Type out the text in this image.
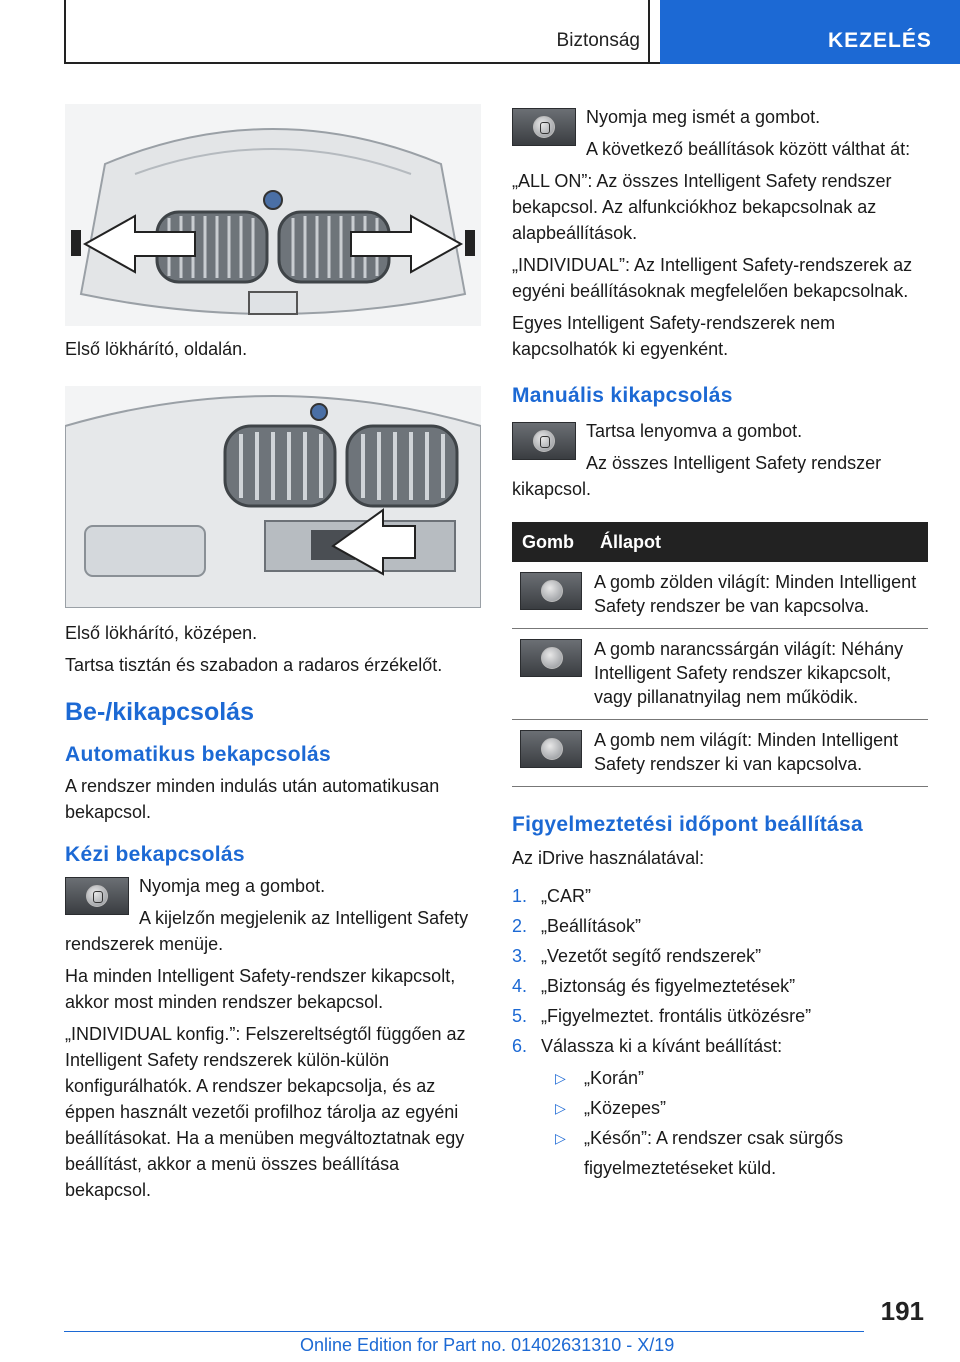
Biztonság	KEZELÉS

Első lökhárító, oldalán.

Első lökhárító, középen.

Tartsa tisztán és szabadon a radaros érzékelőt.

Be-/kikapcsolás
Automatikus bekapcsolás

A rendszer minden indulás után automatikusan bekapcsol.

Kézi bekapcsolás

Nyomja meg a gombot.

A kijelzőn megjelenik az Intelligent Safety rendszerek menüje.

Ha minden Intelligent Safety-rendszer kikapcsolt, akkor most minden rendszer bekapcsol.

„INDIVIDUAL konfig.”: Felszereltségtől függően az Intelligent Safety rendszerek külön-külön konfigurálhatók. A rendszer bekapcsolja, és az éppen használt vezetői profilhoz tárolja az egyéni beállításokat. Ha a menüben megváltoztatnak egy beállítást, akkor a menü összes beállítása bekapcsol.

Nyomja meg ismét a gombot.

A következő beállítások között válthat át:

„ALL ON”: Az összes Intelligent Safety rendszer bekapcsol. Az alfunkciókhoz bekapcsolnak az alapbeállítások.

„INDIVIDUAL”: Az Intelligent Safety-rendszerek az egyéni beállításoknak megfelelően bekapcsolnak.

Egyes Intelligent Safety-rendszerek nem kapcsolhatók ki egyenként.

Manuális kikapcsolás

Tartsa lenyomva a gombot.

Az összes Intelligent Safety rendszer kikapcsol.

Gomb	Állapot

	A gomb zölden világít: Minden Intelligent Safety rendszer be van kapcsolva.

	A gomb narancssárgán világít: Néhány Intelligent Safety rendszer kikapcsolt, vagy pillanatnyilag nem működik.

	A gomb nem világít: Minden Intelligent Safety rendszer ki van kapcsolva.
Figyelmeztetési időpont beállítása

Az iDrive használatával:

1. „CAR”
2. „Beállítások”
3. „Vezetőt segítő rendszerek”
4. „Biztonság és figyelmeztetések”
5. „Figyelmeztet. frontális ütközésre”
6. Válassza ki a kívánt beállítást:
▷ „Korán”
▷ „Közepes”
▷ „Későn”: A rendszer csak sürgős figyelmeztetéseket küld.
191
Online Edition for Part no. 01402631310 - X/19
